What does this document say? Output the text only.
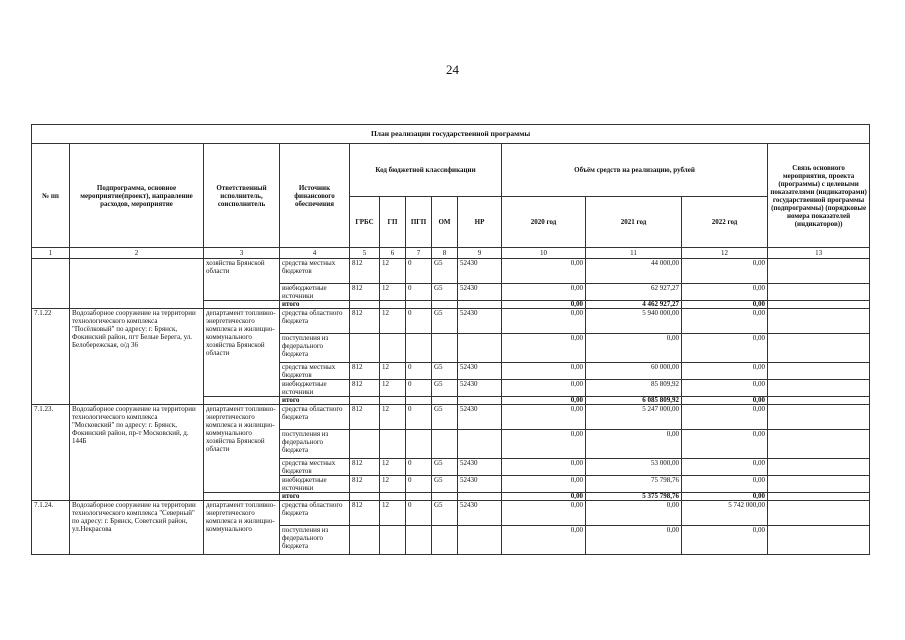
24
План реализации государственной программы												
№ пп	Подпрограмма, основное мероприятие(проект), направление расходов, мероприятие	Ответственный исполнитель, соисполнитель	Источник финансового обеспечения	Код бюджетной классификации					Объём средств на реализацию, рублей			Связь основного мероприятия, проекта (программы) с целевыми показателями (индикаторами) государственной программы (подпрограммы) (порядковые номера показателей (индикаторов))
				ГРБС	ГП	ПГП	ОМ	НР	2020 год	2021 год	2022 год	
1	2	3	4	5	6	7	8	9	10	11	12	13
		хозяйства Брянской области	средства местных бюджетов	812	12	0	G5	52430	0,00	44 000,00	0,00	
			внебюджетные источники	812	12	0	G5	52430	0,00	62 927,27	0,00	
			итого						0,00	4 462 927,27	0,00	
7.1.22	Водозаборное сооружение на территории технологического комплекса "Посёлковый" по адресу: г. Брянск, Фокинский район, пгт Белые Берега, ул. Белобережская, о/д 36	департамент топливно-энергетического комплекса и жилищно-коммунального хозяйства Брянской области	средства областного бюджета	812	12	0	G5	52430	0,00	5 940 000,00	0,00	
			поступления из федерального бюджета						0,00	0,00	0,00	
			средства местных бюджетов	812	12	0	G5	52430	0,00	60 000,00	0,00	
			внебюджетные источники	812	12	0	G5	52430	0,00	85 809,92	0,00	
			итого						0,00	6 085 809,92	0,00	
7.1.23.	Водозаборное сооружение на территории технологического комплекса "Московский" по адресу: г. Брянск, Фокинский район, пр-т Московский, д. 144Б	департамент топливно-энергетического комплекса и жилищно-коммунального хозяйства Брянской области	средства областного бюджета	812	12	0	G5	52430	0,00	5 247 000,00	0,00	
			поступления из федерального бюджета						0,00	0,00	0,00	
			средства местных бюджетов	812	12	0	G5	52430	0,00	53 000,00	0,00	
			внебюджетные источники	812	12	0	G5	52430	0,00	75 798,76	0,00	
			итого						0,00	5 375 798,76	0,00	
7.1.24.	Водозаборное сооружение на территории технологического комплекса "Северный" по адресу: г. Брянск, Советский район, ул.Некрасова	департамент топливно-энергетического комплекса и жилищно-коммунального	средства областного бюджета	812	12	0	G5	52430	0,00	0,00	5 742 000,00	
			поступления из федерального бюджета						0,00	0,00	0,00	
